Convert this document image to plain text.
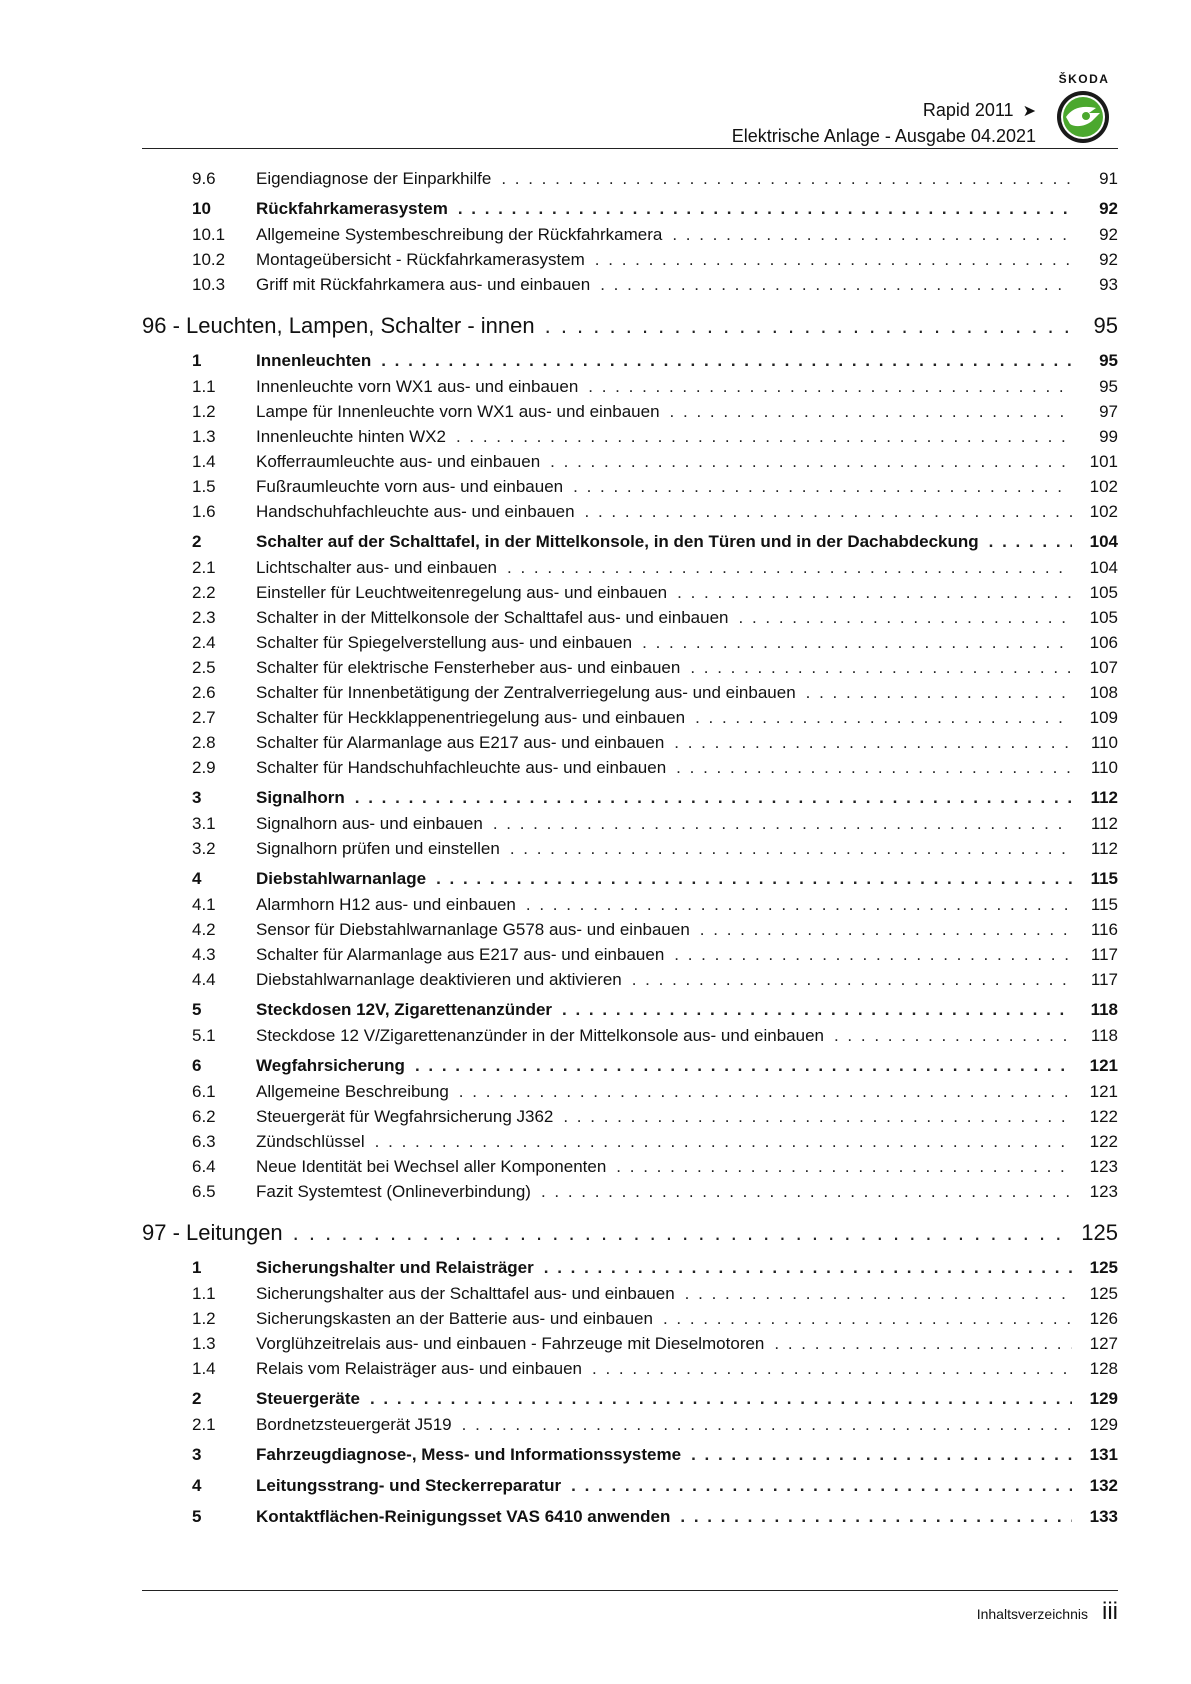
ŠKODA
Rapid 2011 ➤
Elektrische Anlage - Ausgabe 04.2021
9.6	Eigendiagnose der Einparkhilfe . . .	91
10	Rückfahrkamerasystem . . .	92
10.1	Allgemeine Systembeschreibung der Rückfahrkamera . . .	92
10.2	Montageübersicht - Rückfahrkamerasystem . . .	92
10.3	Griff mit Rückfahrkamera aus- und einbauen . . .	93
96 - Leuchten, Lampen, Schalter - innen . . .	95
1	Innenleuchten . . .	95
1.1	Innenleuchte vorn WX1 aus- und einbauen . . .	95
1.2	Lampe für Innenleuchte vorn WX1 aus- und einbauen . . .	97
1.3	Innenleuchte hinten WX2 . . .	99
1.4	Kofferraumleuchte aus- und einbauen . . .	101
1.5	Fußraumleuchte vorn aus- und einbauen . . .	102
1.6	Handschuhfachleuchte aus- und einbauen . . .	102
2	Schalter auf der Schalttafel, in der Mittelkonsole, in den Türen und in der Dachabdeckung . . .	104
2.1	Lichtschalter aus- und einbauen . . .	104
2.2	Einsteller für Leuchtweitenregelung aus- und einbauen . . .	105
2.3	Schalter in der Mittelkonsole der Schalttafel aus- und einbauen . . .	105
2.4	Schalter für Spiegelverstellung aus- und einbauen . . .	106
2.5	Schalter für elektrische Fensterheber aus- und einbauen . . .	107
2.6	Schalter für Innenbetätigung der Zentralverriegelung aus- und einbauen . . .	108
2.7	Schalter für Heckklappenentriegelung aus- und einbauen . . .	109
2.8	Schalter für Alarmanlage aus E217 aus- und einbauen . . .	110
2.9	Schalter für Handschuhfachleuchte aus- und einbauen . . .	110
3	Signalhorn . . .	112
3.1	Signalhorn aus- und einbauen . . .	112
3.2	Signalhorn prüfen und einstellen . . .	112
4	Diebstahlwarnanlage . . .	115
4.1	Alarmhorn H12 aus- und einbauen . . .	115
4.2	Sensor für Diebstahlwarnanlage G578 aus- und einbauen . . .	116
4.3	Schalter für Alarmanlage aus E217 aus- und einbauen . . .	117
4.4	Diebstahlwarnanlage deaktivieren und aktivieren . . .	117
5	Steckdosen 12V, Zigarettenanzünder . . .	118
5.1	Steckdose 12 V/Zigarettenanzünder in der Mittelkonsole aus- und einbauen . . .	118
6	Wegfahrsicherung . . .	121
6.1	Allgemeine Beschreibung . . .	121
6.2	Steuergerät für Wegfahrsicherung J362 . . .	122
6.3	Zündschlüssel . . .	122
6.4	Neue Identität bei Wechsel aller Komponenten . . .	123
6.5	Fazit Systemtest (Onlineverbindung) . . .	123
97 - Leitungen . . .	125
1	Sicherungshalter und Relaisträger . . .	125
1.1	Sicherungshalter aus der Schalttafel aus- und einbauen . . .	125
1.2	Sicherungskasten an der Batterie aus- und einbauen . . .	126
1.3	Vorglühzeitrelais aus- und einbauen - Fahrzeuge mit Dieselmotoren . . .	127
1.4	Relais vom Relaisträger aus- und einbauen . . .	128
2	Steuergeräte . . .	129
2.1	Bordnetzsteuergerät J519 . . .	129
3	Fahrzeugdiagnose-, Mess- und Informationssysteme . . .	131
4	Leitungsstrang- und Steckerreparatur . . .	132
5	Kontaktflächen-Reinigungsset VAS 6410 anwenden . . .	133
Inhaltsverzeichnis iii
